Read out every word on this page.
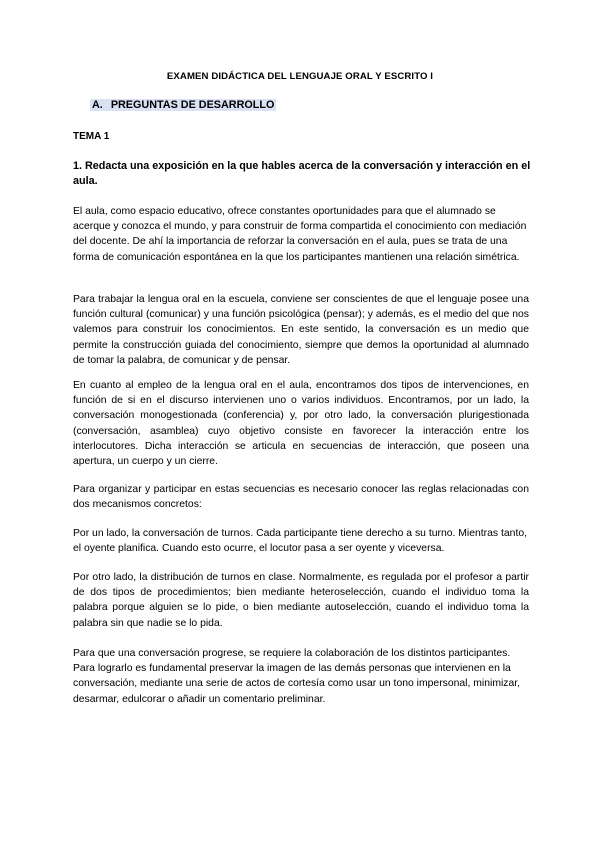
EXAMEN DIDÁCTICA DEL LENGUAJE ORAL Y ESCRITO I
A. PREGUNTAS DE DESARROLLO
TEMA 1
1. Redacta una exposición en la que hables acerca de la conversación y interacción en el aula.
El aula, como espacio educativo, ofrece constantes oportunidades para que el alumnado se acerque y conozca el mundo, y para construir de forma compartida el conocimiento con mediación del docente. De ahí la importancia de reforzar la conversación en el aula, pues se trata de una forma de comunicación espontánea en la que los participantes mantienen una relación simétrica.
Para trabajar la lengua oral en la escuela, conviene ser conscientes de que el lenguaje posee una función cultural (comunicar) y una función psicológica (pensar); y además, es el medio del que nos valemos para construir los conocimientos. En este sentido, la conversación es un medio que permite la construcción guiada del conocimiento, siempre que demos la oportunidad al alumnado de tomar la palabra, de comunicar y de pensar.
En cuanto al empleo de la lengua oral en el aula, encontramos dos tipos de intervenciones, en función de si en el discurso intervienen uno o varios individuos. Encontramos, por un lado, la conversación monogestionada (conferencia) y, por otro lado, la conversación plurigestionada (conversación, asamblea) cuyo objetivo consiste en favorecer la interacción entre los interlocutores. Dicha interacción se articula en secuencias de interacción, que poseen una apertura, un cuerpo y un cierre.
Para organizar y participar en estas secuencias es necesario conocer las reglas relacionadas con dos mecanismos concretos:
Por un lado, la conversación de turnos. Cada participante tiene derecho a su turno. Mientras tanto, el oyente planifica. Cuando esto ocurre, el locutor pasa a ser oyente y viceversa.
Por otro lado, la distribución de turnos en clase. Normalmente, es regulada por el profesor a partir de dos tipos de procedimientos; bien mediante heteroselección, cuando el individuo toma la palabra porque alguien se lo pide, o bien mediante autoselección, cuando el individuo toma la palabra sin que nadie se lo pida.
Para que una conversación progrese, se requiere la colaboración de los distintos participantes. Para lograrlo es fundamental preservar la imagen de las demás personas que intervienen en la conversación, mediante una serie de actos de cortesía como usar un tono impersonal, minimizar, desarmar, edulcorar o añadir un comentario preliminar.
